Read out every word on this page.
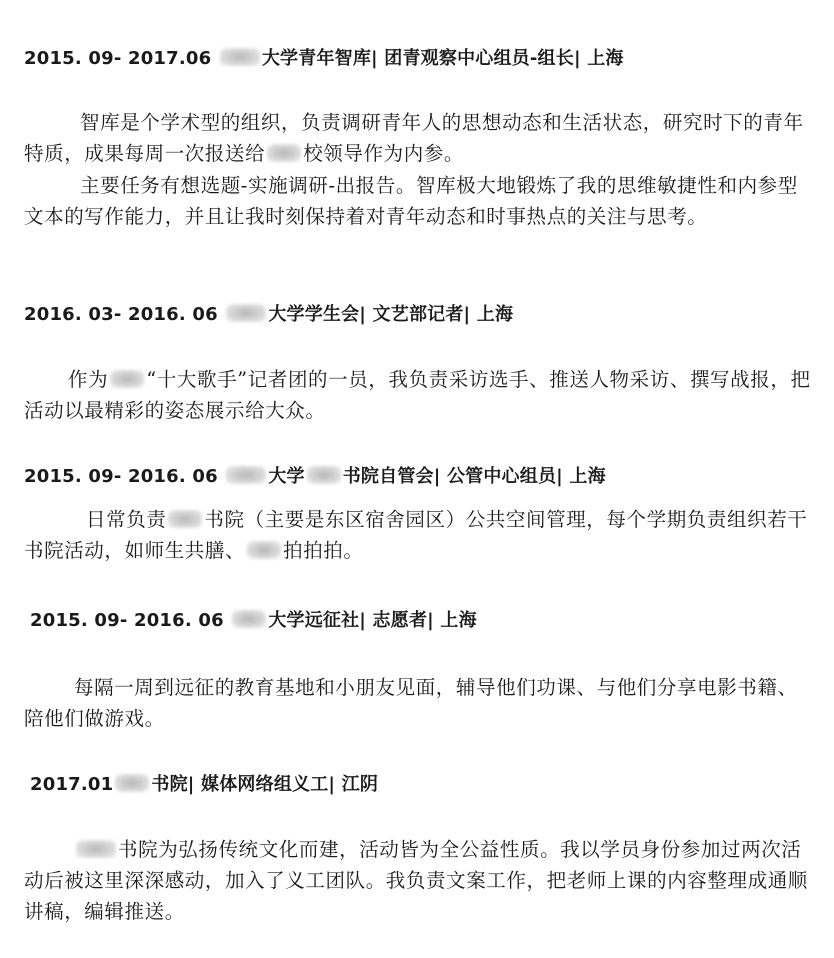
2015. 09- 2017.06	大学青年智库| 团青观察中心组员-组长| 上海

智库是个学术型的组织，负责调研青年人的思想动态和生活状态，研究时下的青年特质，成果每周一次报送给 校领导作为内参。

主要任务有想选题-实施调研-出报告。智库极大地锻炼了我的思维敏捷性和内参型文本的写作能力，并且让我时刻保持着对青年动态和时事热点的关注与思考。

2016. 03- 2016. 06	大学学生会| 文艺部记者| 上海

作为 “十大歌手”记者团的一员，我负责采访选手、推送人物采访、撰写战报，把活动以最精彩的姿态展示给大众。

2015. 09- 2016. 06	大学 书院自管会| 公管中心组员| 上海

日常负责 书院（主要是东区宿舍园区）公共空间管理，每个学期负责组织若干书院活动，如师生共膳、 拍拍拍。

2015. 09- 2016. 06 大学远征社| 志愿者| 上海

每隔一周到远征的教育基地和小朋友见面，辅导他们功课、与他们分享电影书籍、陪他们做游戏。

2017.01 书院| 媒体网络组义工| 江阴

书院为弘扬传统文化而建，活动皆为全公益性质。我以学员身份参加过两次活动后被这里深深感动，加入了义工团队。我负责文案工作，把老师上课的内容整理成通顺讲稿，编辑推送。
